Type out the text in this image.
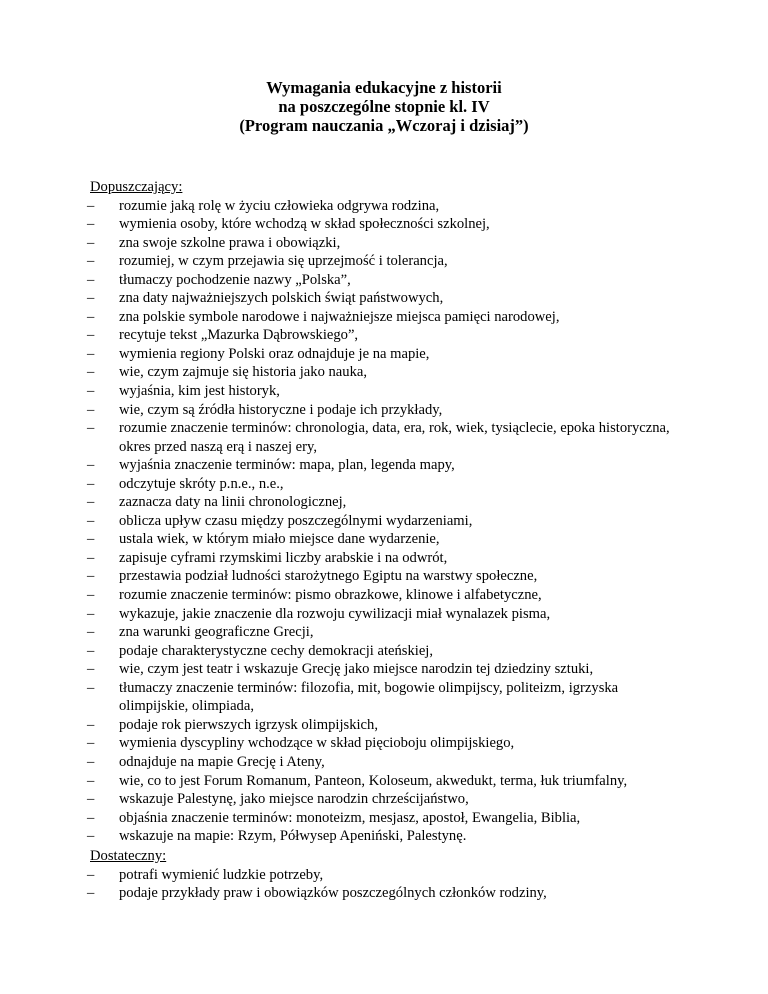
Wymagania edukacyjne z historii
na poszczególne stopnie kl. IV
(Program nauczania „Wczoraj i dzisiaj”)
Dopuszczający:
–	rozumie jaką rolę w życiu człowieka odgrywa rodzina,
–	wymienia osoby, które wchodzą w skład społeczności szkolnej,
–	zna swoje szkolne prawa i obowiązki,
–	rozumiej, w czym przejawia się uprzejmość i tolerancja,
–	tłumaczy pochodzenie nazwy „Polska”,
–	zna daty najważniejszych polskich świąt państwowych,
–	zna polskie symbole narodowe i najważniejsze miejsca pamięci narodowej,
–	recytuje tekst „Mazurka Dąbrowskiego”,
–	wymienia regiony Polski oraz odnajduje je na mapie,
–	wie, czym zajmuje się historia jako nauka,
–	wyjaśnia, kim jest historyk,
–	wie, czym są źródła historyczne i podaje ich przykłady,
–	rozumie znaczenie terminów: chronologia, data, era, rok, wiek, tysiąclecie, epoka historyczna, okres przed naszą erą i naszej ery,
–	wyjaśnia znaczenie terminów: mapa, plan, legenda mapy,
–	odczytuje skróty p.n.e., n.e.,
–	zaznacza daty na linii chronologicznej,
–	oblicza upływ czasu między poszczególnymi wydarzeniami,
–	ustala wiek, w którym miało miejsce dane wydarzenie,
–	zapisuje cyframi rzymskimi liczby arabskie i na odwrót,
–	przestawia podział ludności starożytnego Egiptu na warstwy społeczne,
–	rozumie znaczenie terminów: pismo obrazkowe, klinowe i alfabetyczne,
–	wykazuje, jakie znaczenie dla rozwoju cywilizacji miał wynalazek pisma,
–	zna warunki geograficzne Grecji,
–	podaje charakterystyczne cechy demokracji ateńskiej,
–	wie, czym jest teatr i wskazuje Grecję jako miejsce narodzin tej dziedziny sztuki,
–	tłumaczy znaczenie terminów: filozofia, mit, bogowie olimpijscy, politeizm, igrzyska olimpijskie, olimpiada,
–	podaje rok pierwszych igrzysk olimpijskich,
–	wymienia dyscypliny wchodzące w skład pięcioboju olimpijskiego,
–	odnajduje na mapie Grecję i Ateny,
–	wie, co to jest Forum Romanum, Panteon, Koloseum, akwedukt, terma, łuk triumfalny,
–	wskazuje Palestynę, jako miejsce narodzin chrześcijaństwo,
–	objaśnia znaczenie terminów: monoteizm, mesjasz, apostoł, Ewangelia, Biblia,
–	wskazuje na mapie: Rzym, Półwysep Apeniński, Palestynę.
Dostateczny:
–	potrafi wymienić ludzkie potrzeby,
–	podaje przykłady praw i obowiązków poszczególnych członków rodziny,
